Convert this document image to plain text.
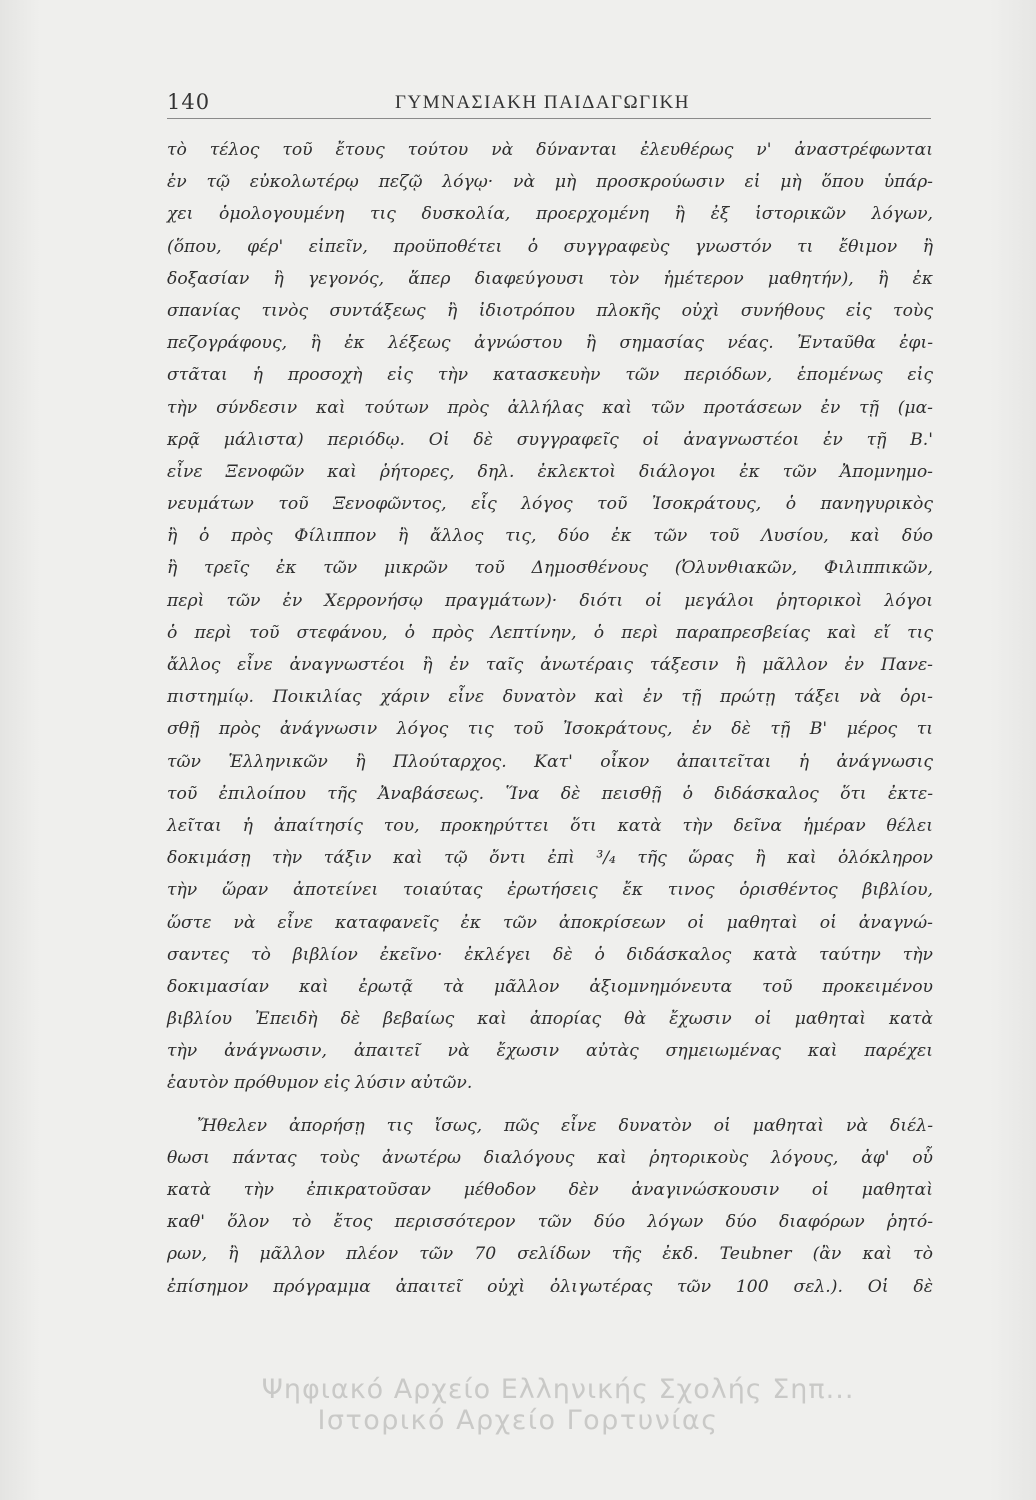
140	ΓΥΜΝΑΣΙΑΚΗ ΠΑΙΔΑΓΩΓΙΚΗ
τὸ τέλος τοῦ ἔτους τούτου νὰ δύνανται ἐλευθέρως ν' ἀναστρέφωνται
ἐν τῷ εὐκολωτέρῳ πεζῷ λόγῳ· νὰ μὴ προσκρούωσιν εἰ μὴ ὅπου ὑπάρ-
χει ὁμολογουμένη τις δυσκολία, προερχομένη ἢ ἐξ ἱστορικῶν λόγων,
(ὅπου, φέρ' εἰπεῖν, προϋποθέτει ὁ συγγραφεὺς γνωστόν τι ἔθιμον ἢ
δοξασίαν ἢ γεγονός, ἅπερ διαφεύγουσι τὸν ἡμέτερον μαθητήν), ἢ ἐκ
σπανίας τινὸς συντάξεως ἢ ἰδιοτρόπου πλοκῆς οὐχὶ συνήθους εἰς τοὺς
πεζογράφους, ἢ ἐκ λέξεως ἀγνώστου ἢ σημασίας νέας. Ἐνταῦθα ἐφι-
στᾶται ἡ προσοχὴ εἰς τὴν κατασκευὴν τῶν περιόδων, ἑπομένως εἰς
τὴν σύνδεσιν καὶ τούτων πρὸς ἀλλήλας καὶ τῶν προτάσεων ἐν τῇ (μα-
κρᾷ μάλιστα) περιόδῳ. Οἱ δὲ συγγραφεῖς οἱ ἀναγνωστέοι ἐν τῇ Β.'
εἶνε Ξενοφῶν καὶ ῥήτορες, δηλ. ἐκλεκτοὶ διάλογοι ἐκ τῶν Ἀπομνημο-
νευμάτων τοῦ Ξενοφῶντος, εἷς λόγος τοῦ Ἰσοκράτους, ὁ πανηγυρικὸς
ἢ ὁ πρὸς Φίλιππον ἢ ἄλλος τις, δύο ἐκ τῶν τοῦ Λυσίου, καὶ δύο
ἢ τρεῖς ἐκ τῶν μικρῶν τοῦ Δημοσθένους (Ὀλυνθιακῶν, Φιλιππικῶν,
περὶ τῶν ἐν Χερρονήσῳ πραγμάτων)· διότι οἱ μεγάλοι ῥητορικοὶ λόγοι
ὁ περὶ τοῦ στεφάνου, ὁ πρὸς Λεπτίνην, ὁ περὶ παραπρεσβείας καὶ εἴ τις
ἄλλος εἶνε ἀναγνωστέοι ἢ ἐν ταῖς ἀνωτέραις τάξεσιν ἢ μᾶλλον ἐν Πανε-
πιστημίῳ. Ποικιλίας χάριν εἶνε δυνατὸν καὶ ἐν τῇ πρώτῃ τάξει νὰ ὁρι-
σθῇ πρὸς ἀνάγνωσιν λόγος τις τοῦ Ἰσοκράτους, ἐν δὲ τῇ Β' μέρος τι
τῶν Ἑλληνικῶν ἢ Πλούταρχος. Κατ' οἶκον ἀπαιτεῖται ἡ ἀνάγνωσις
τοῦ ἐπιλοίπου τῆς Ἀναβάσεως. Ἵνα δὲ πεισθῇ ὁ διδάσκαλος ὅτι ἐκτε-
λεῖται ἡ ἀπαίτησίς του, προκηρύττει ὅτι κατὰ τὴν δεῖνα ἡμέραν θέλει
δοκιμάσῃ τὴν τάξιν καὶ τῷ ὄντι ἐπὶ ³/₄ τῆς ὥρας ἢ καὶ ὁλόκληρον
τὴν ὥραν ἀποτείνει τοιαύτας ἐρωτήσεις ἔκ τινος ὁρισθέντος βιβλίου,
ὥστε νὰ εἶνε καταφανεῖς ἐκ τῶν ἀποκρίσεων οἱ μαθηταὶ οἱ ἀναγνώ-
σαντες τὸ βιβλίον ἐκεῖνο· ἐκλέγει δὲ ὁ διδάσκαλος κατὰ ταύτην τὴν
δοκιμασίαν καὶ ἐρωτᾷ τὰ μᾶλλον ἀξιομνημόνευτα τοῦ προκειμένου
βιβλίου Ἐπειδὴ δὲ βεβαίως καὶ ἀπορίας θὰ ἔχωσιν οἱ μαθηταὶ κατὰ
τὴν ἀνάγνωσιν, ἀπαιτεῖ νὰ ἔχωσιν αὐτὰς σημειωμένας καὶ παρέχει
ἑαυτὸν πρόθυμον εἰς λύσιν αὐτῶν.
Ἤθελεν ἀπορήσῃ τις ἴσως, πῶς εἶνε δυνατὸν οἱ μαθηταὶ νὰ διέλ-
θωσι πάντας τοὺς ἀνωτέρω διαλόγους καὶ ῥητορικοὺς λόγους, ἀφ' οὗ
κατὰ τὴν ἐπικρατοῦσαν μέθοδον δὲν ἀναγινώσκουσιν οἱ μαθηταὶ
καθ' ὅλον τὸ ἔτος περισσότερον τῶν δύο λόγων δύο διαφόρων ῥητό-
ρων, ἢ μᾶλλον πλέον τῶν 70 σελίδων τῆς ἐκδ. Teubner (ἂν καὶ τὸ
ἐπίσημον πρόγραμμα ἀπαιτεῖ οὐχὶ ὀλιγωτέρας τῶν 100 σελ.). Οἱ δὲ
Ψηφιακό Αρχείο Ελληνικής Σχολής Σηπ...
Ιστορικό Αρχείο Γορτυνίας
